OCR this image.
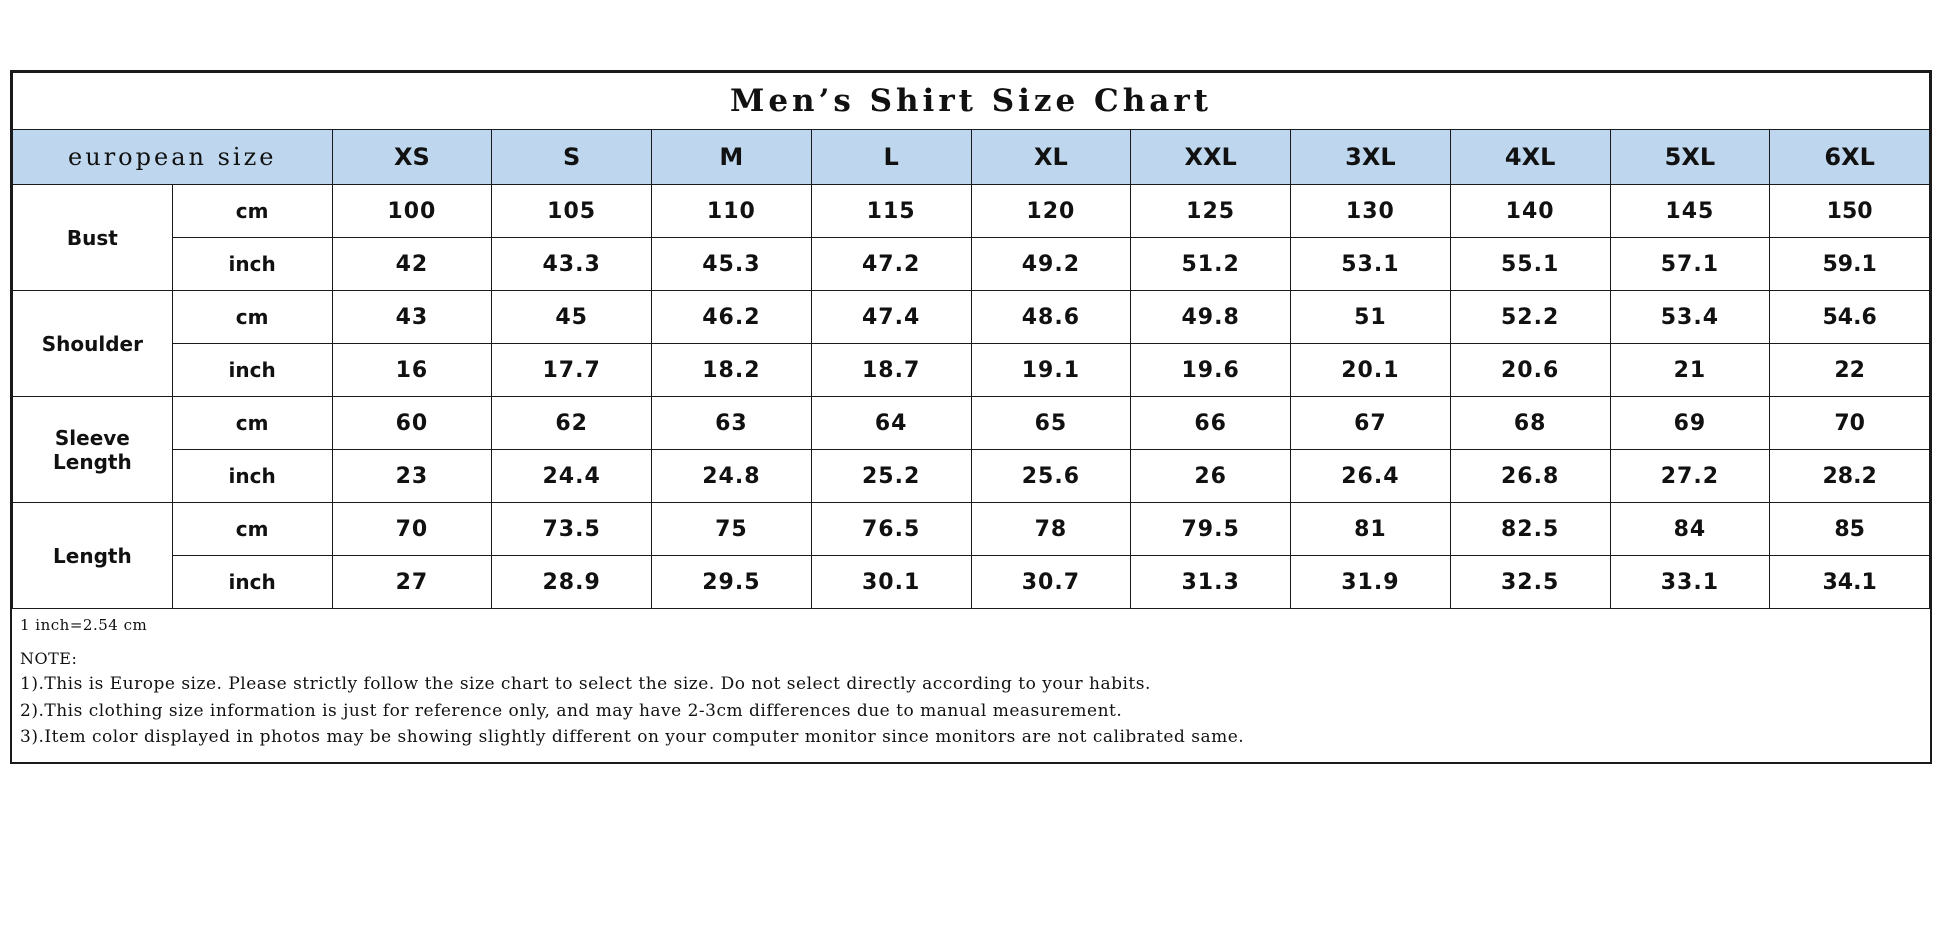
Men’s Shirt Size Chart											
european size		XS	S	M	L	XL	XXL	3XL	4XL	5XL	6XL
Bust	cm	100	105	110	115	120	125	130	140	145	150
	inch	42	43.3	45.3	47.2	49.2	51.2	53.1	55.1	57.1	59.1
Shoulder	cm	43	45	46.2	47.4	48.6	49.8	51	52.2	53.4	54.6
	inch	16	17.7	18.2	18.7	19.1	19.6	20.1	20.6	21	22
Sleeve Length	cm	60	62	63	64	65	66	67	68	69	70
	inch	23	24.4	24.8	25.2	25.6	26	26.4	26.8	27.2	28.2
Length	cm	70	73.5	75	76.5	78	79.5	81	82.5	84	85
	inch	27	28.9	29.5	30.1	30.7	31.3	31.9	32.5	33.1	34.1
1 inch=2.54 cm
NOTE:

1).This is Europe size. Please strictly follow the size chart to select the size. Do not select directly according to your habits.

2).This clothing size information is just for reference only, and may have 2-3cm differences due to manual measurement.

3).Item color displayed in photos may be showing slightly different on your computer monitor since monitors are not calibrated same.
